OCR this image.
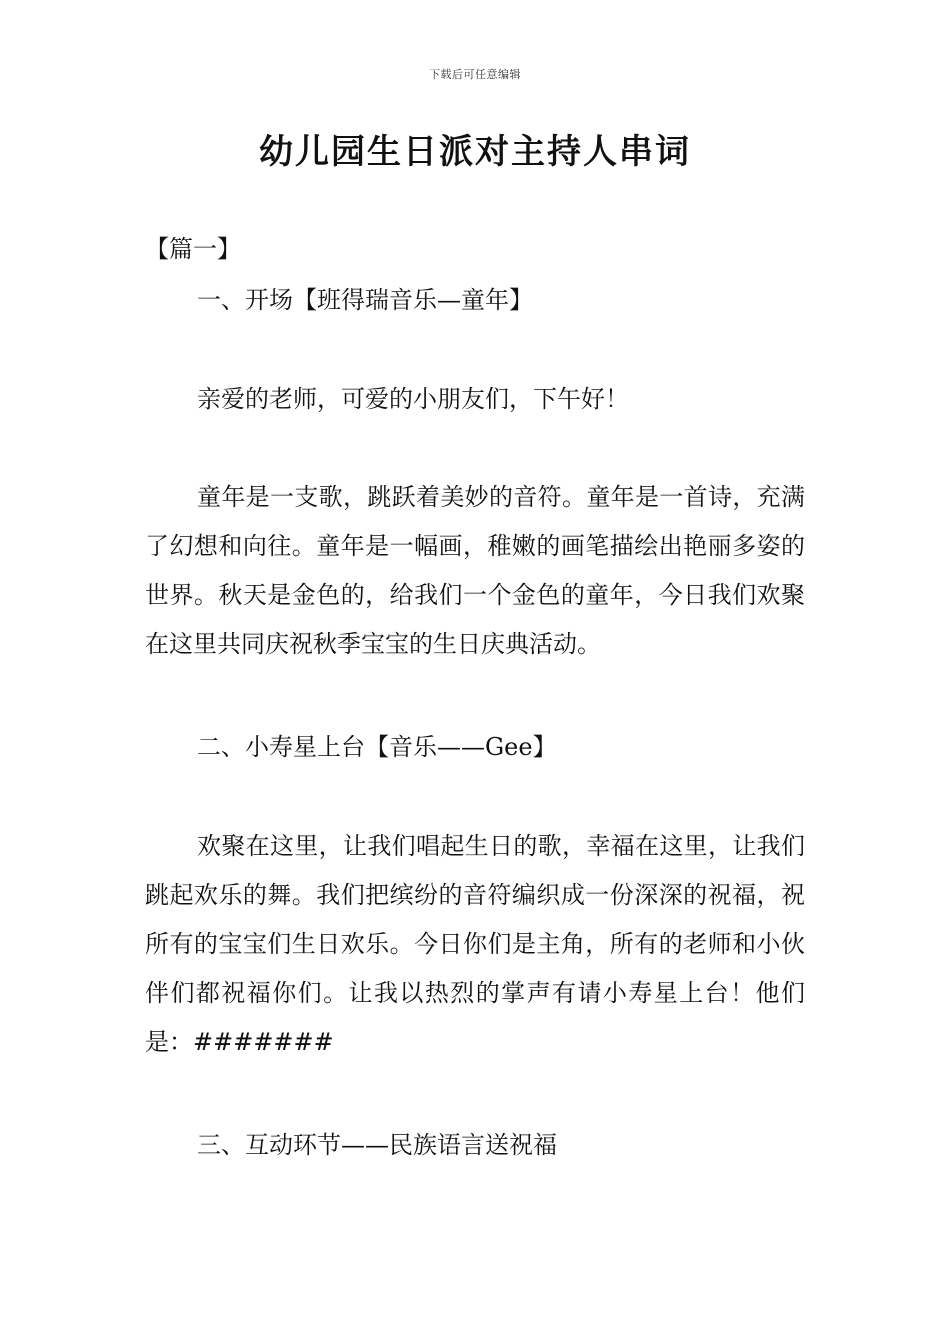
下载后可任意编辑
幼儿园生日派对主持人串词
【篇一】
一、开场【班得瑞音乐—童年】
亲爱的老师，可爱的小朋友们，下午好！

童年是一支歌，跳跃着美妙的音符。童年是一首诗，充满了幻想和向往。童年是一幅画，稚嫩的画笔描绘出艳丽多姿的世界。秋天是金色的，给我们一个金色的童年，今日我们欢聚在这里共同庆祝秋季宝宝的生日庆典活动。

二、小寿星上台【音乐——Gee】

欢聚在这里，让我们唱起生日的歌，幸福在这里，让我们跳起欢乐的舞。我们把缤纷的音符编织成一份深深的祝福，祝所有的宝宝们生日欢乐。今日你们是主角，所有的老师和小伙伴们都祝福你们。让我以热烈的掌声有请小寿星上台！他们是：#######

三、互动环节——民族语言送祝福
